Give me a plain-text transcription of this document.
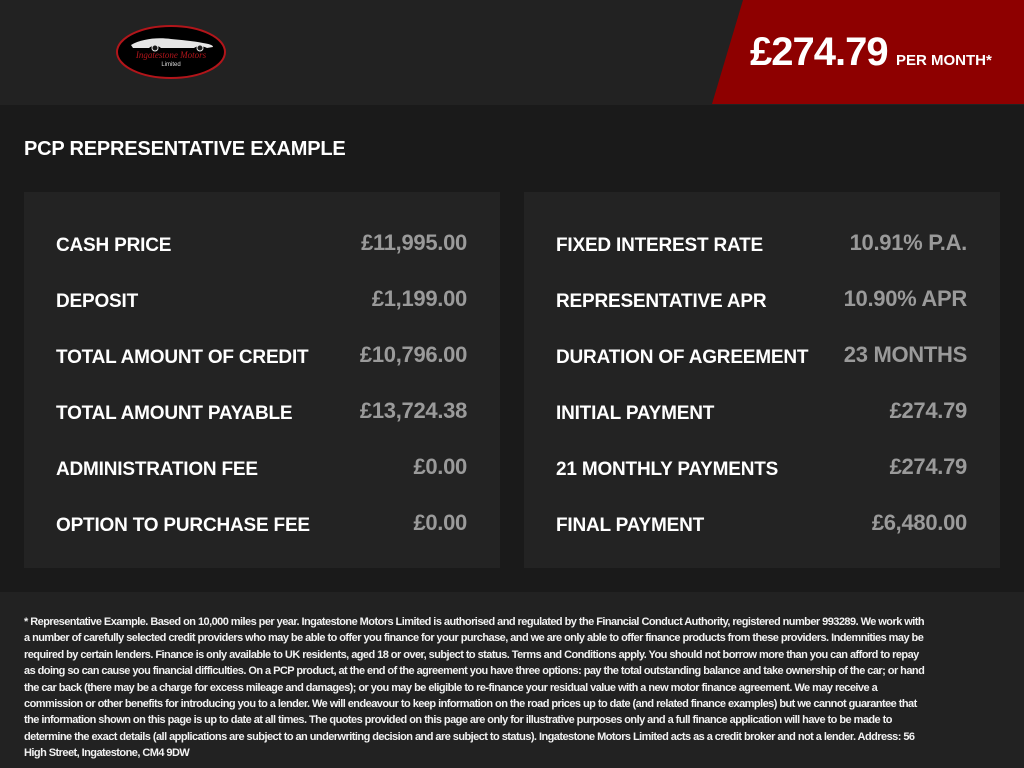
Ingatestone Motors
Limited	£274.79 PER MONTH*
PCP REPRESENTATIVE EXAMPLE
CASH PRICE	£11,995.00
DEPOSIT	£1,199.00
TOTAL AMOUNT OF CREDIT £10,796.00
TOTAL AMOUNT PAYABLE	£13,724.38
ADMINISTRATION FEE	£0.00
OPTION TO PURCHASE FEE	£0.00
FIXED INTEREST RATE	10.91% P.A.
REPRESENTATIVE APR	10.90% APR
DURATION OF AGREEMENT 23 MONTHS
INITIAL PAYMENT	£274.79
21 MONTHLY PAYMENTS	£274.79
FINAL PAYMENT	£6,480.00
* Representative Example. Based on 10,000 miles per year. Ingatestone Motors Limited is authorised and regulated by the Financial Conduct Authority, registered number 993289. We work with a number of carefully selected credit providers who may be able to offer you finance for your purchase, and we are only able to offer finance products from these providers. Indemnities may be required by certain lenders. Finance is only available to UK residents, aged 18 or over, subject to status. Terms and Conditions apply. You should not borrow more than you can afford to repay as doing so can cause you financial difficulties. On a PCP product, at the end of the agreement you have three options: pay the total outstanding balance and take ownership of the car; or hand the car back (there may be a charge for excess mileage and damages); or you may be eligible to re-finance your residual value with a new motor finance agreement. We may receive a commission or other benefits for introducing you to a lender. We will endeavour to keep information on the road prices up to date (and related finance examples) but we cannot guarantee that the information shown on this page is up to date at all times. The quotes provided on this page are only for illustrative purposes only and a full finance application will have to be made to determine the exact details (all applications are subject to an underwriting decision and are subject to status). Ingatestone Motors Limited acts as a credit broker and not a lender. Address: 56 High Street, Ingatestone, CM4 9DW
